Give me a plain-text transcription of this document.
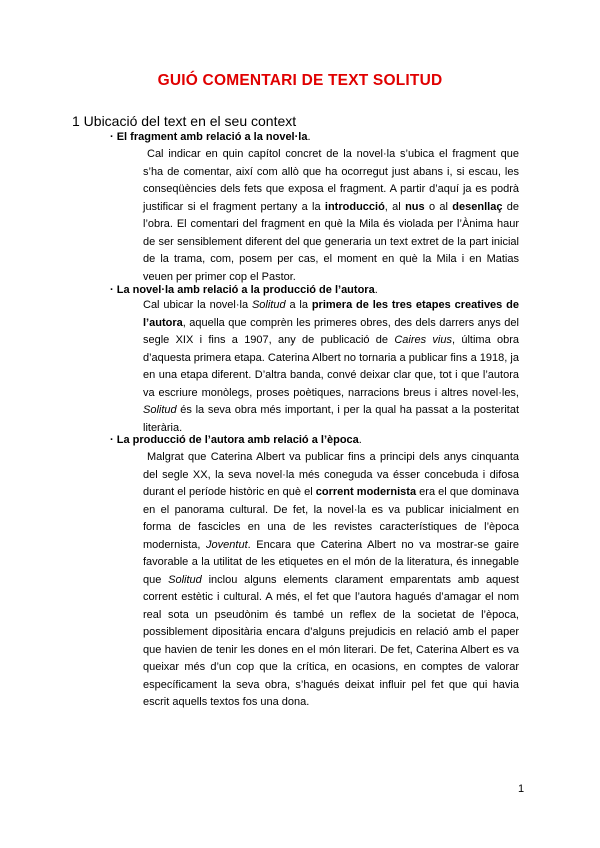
GUIÓ COMENTARI DE TEXT SOLITUD
1 Ubicació del text en el seu context
· El fragment amb relació a la novel·la.

Cal indicar en quin capítol concret de la novel·la s’ubica el fragment que s’ha de comentar, així com allò que ha ocorregut just abans i, si escau, les conseqüències dels fets que exposa el fragment. A partir d’aquí ja es podrà justificar si el fragment pertany a la introducció, al nus o al desenllaç de l’obra. El comentari del fragment en què la Mila és violada per l’Ànima haur de ser sensiblement diferent del que generaria un text extret de la part inicial de la trama, com, posem per cas, el moment en què la Mila i en Matias veuen per primer cop el Pastor.

· La novel·la amb relació a la producció de l’autora.

Cal ubicar la novel·la Solitud a la primera de les tres etapes creatives de l’autora, aquella que comprèn les primeres obres, des dels darrers anys del segle XIX i fins a 1907, any de publicació de Caires vius, última obra d’aquesta primera etapa. Caterina Albert no tornaria a publicar fins a 1918, ja en una etapa diferent. D’altra banda, convé deixar clar que, tot i que l’autora va escriure monòlegs, proses poètiques, narracions breus i altres novel·les, Solitud és la seva obra més important, i per la qual ha passat a la posteritat literària.

· La producció de l’autora amb relació a l’època.

Malgrat que Caterina Albert va publicar fins a principi dels anys cinquanta del segle XX, la seva novel·la més coneguda va ésser concebuda i difosa durant el període històric en què el corrent modernista era el que dominava en el panorama cultural. De fet, la novel·la es va publicar inicialment en forma de fascicles en una de les revistes característiques de l’època modernista, Joventut. Encara que Caterina Albert no va mostrar-se gaire favorable a la utilitat de les etiquetes en el món de la literatura, és innegable que Solitud inclou alguns elements clarament emparentats amb aquest corrent estètic i cultural. A més, el fet que l’autora hagués d’amagar el nom real sota un pseudònim és també un reflex de la societat de l’època, possiblement dipositària encara d’alguns prejudicis en relació amb el paper que havien de tenir les dones en el món literari. De fet, Caterina Albert es va queixar més d’un cop que la crítica, en ocasions, en comptes de valorar específicament la seva obra, s’hagués deixat influir pel fet que qui havia escrit aquells textos fos una dona.

1
